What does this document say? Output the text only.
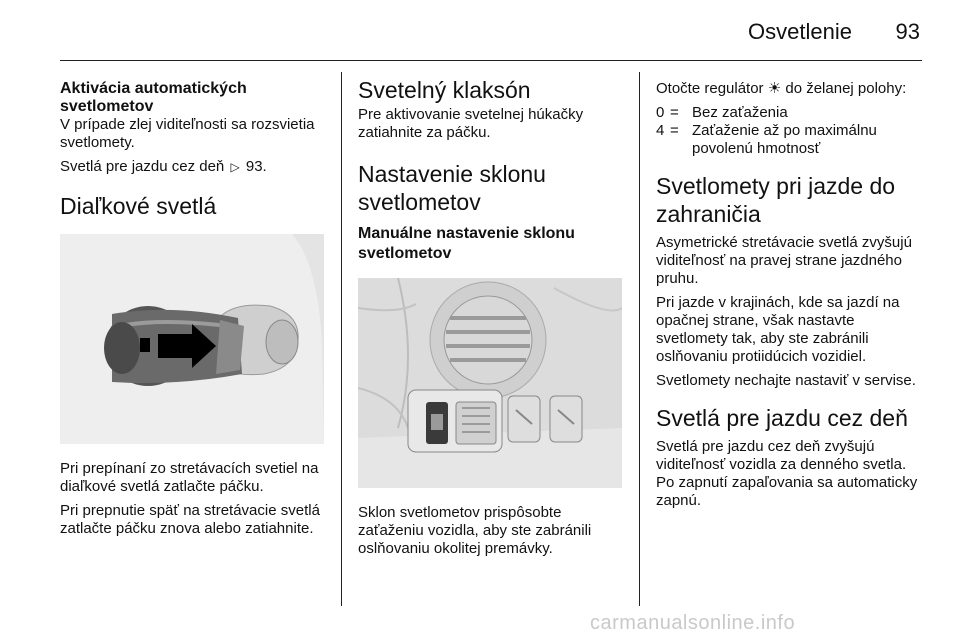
Osvetlenie 93
Aktivácia automatických svetlometov

V prípade zlej viditeľnosti sa rozsvietia svetlomety.

Svetlá pre jazdu cez deň ▷ 93.

Diaľkové svetlá

Pri prepínaní zo stretávacích svetiel na diaľkové svetlá zatlačte páčku.

Pri prepnutie späť na stretávacie svetlá zatlačte páčku znova alebo zatiahnite.

Svetelný klaksón

Pre aktivovanie svetelnej húkačky zatiahnite za páčku.

Nastavenie sklonu svetlometov
Manuálne nastavenie sklonu svetlometov

Sklon svetlometov prispôsobte zaťaženiu vozidla, aby ste zabránili oslňovaniu okolitej premávky.

Otočte regulátor ☀ do želanej polohy:

0 = Bez zaťaženia
4 = Zaťaženie až po maximálnu povolenú hmotnosť
Svetlomety pri jazde do zahraničia

Asymetrické stretávacie svetlá zvyšujú viditeľnosť na pravej strane jazdného pruhu.

Pri jazde v krajinách, kde sa jazdí na opačnej strane, však nastavte svetlomety tak, aby ste zabránili oslňovaniu protiidúcich vozidiel.

Svetlomety nechajte nastaviť v servise.

Svetlá pre jazdu cez deň

Svetlá pre jazdu cez deň zvyšujú viditeľnosť vozidla za denného svetla. Po zapnutí zapaľovania sa automaticky zapnú.

carmanualsonline.info
